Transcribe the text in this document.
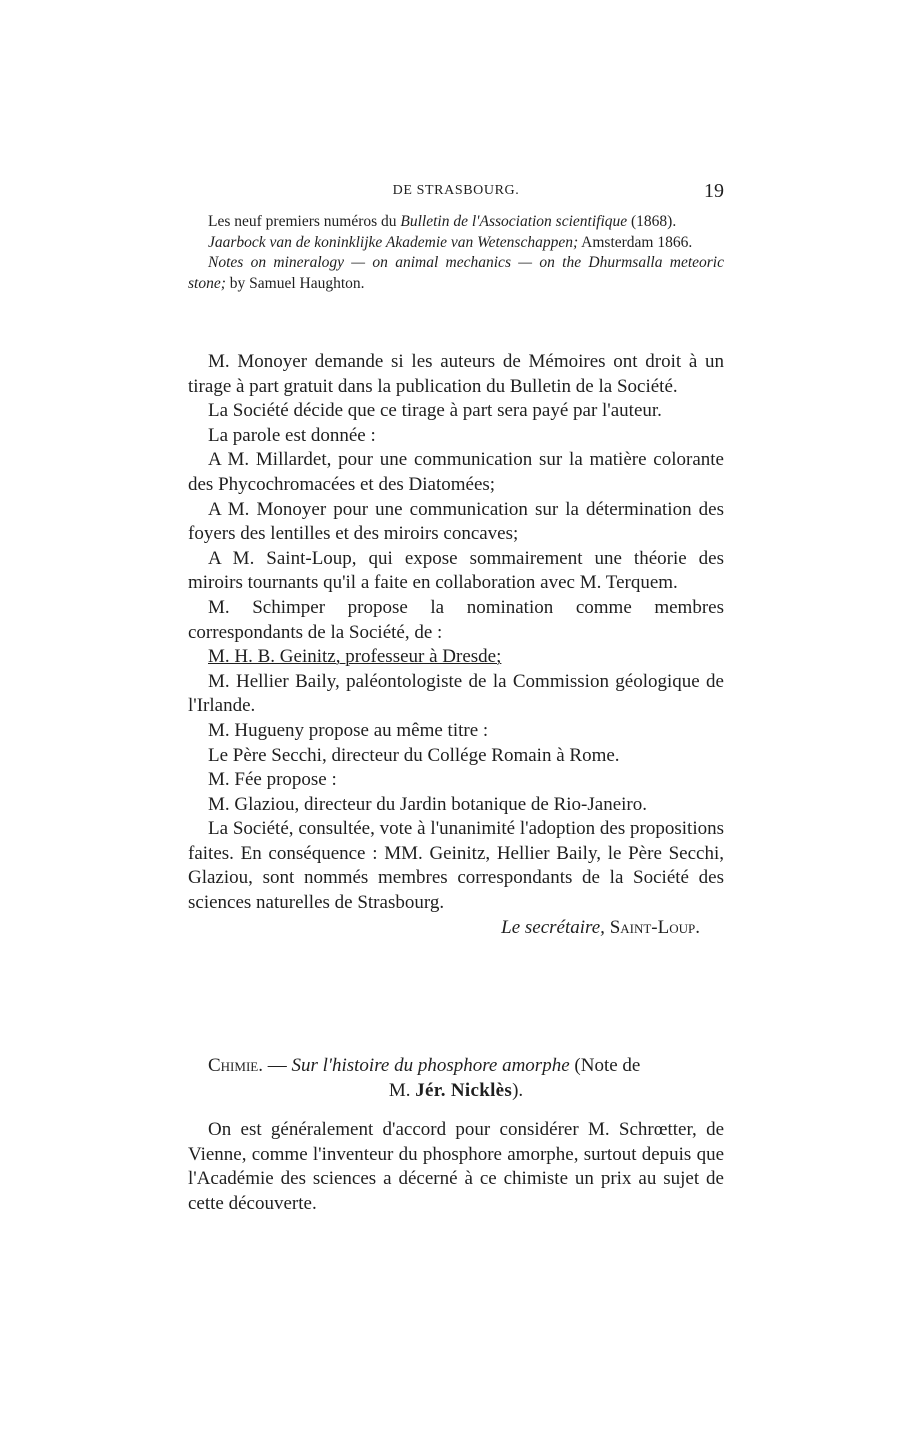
DE STRASBOURG.	19

Les neuf premiers numéros du Bulletin de l'Association scientifique (1868).

Jaarbock van de koninklijke Akademie van Wetenschappen; Amsterdam 1866.

Notes on mineralogy — on animal mechanics — on the Dhurmsalla meteoric stone; by Samuel Haughton.

M. Monoyer demande si les auteurs de Mémoires ont droit à un tirage à part gratuit dans la publication du Bulletin de la Société.

La Société décide que ce tirage à part sera payé par l'auteur.

La parole est donnée :

A M. Millardet, pour une communication sur la matière colorante des Phycochromacées et des Diatomées;

A M. Monoyer pour une communication sur la détermination des foyers des lentilles et des miroirs concaves;

A M. Saint-Loup, qui expose sommairement une théorie des miroirs tournants qu'il a faite en collaboration avec M. Terquem.

M. Schimper propose la nomination comme membres correspondants de la Société, de :

M. H. B. Geinitz, professeur à Dresde;

M. Hellier Baily, paléontologiste de la Commission géologique de l'Irlande.

M. Hugueny propose au même titre :

Le Père Secchi, directeur du Collége Romain à Rome.

M. Fée propose :

M. Glaziou, directeur du Jardin botanique de Rio-Janeiro.

La Société, consultée, vote à l'unanimité l'adoption des propositions faites. En conséquence : MM. Geinitz, Hellier Baily, le Père Secchi, Glaziou, sont nommés membres correspondants de la Société des sciences naturelles de Strasbourg.

Le secrétaire, Saint-Loup.

Chimie. — Sur l'histoire du phosphore amorphe (Note de

M. Jér. Nicklès).

On est généralement d'accord pour considérer M. Schrœtter, de Vienne, comme l'inventeur du phosphore amorphe, surtout depuis que l'Académie des sciences a décerné à ce chimiste un prix au sujet de cette découverte.
